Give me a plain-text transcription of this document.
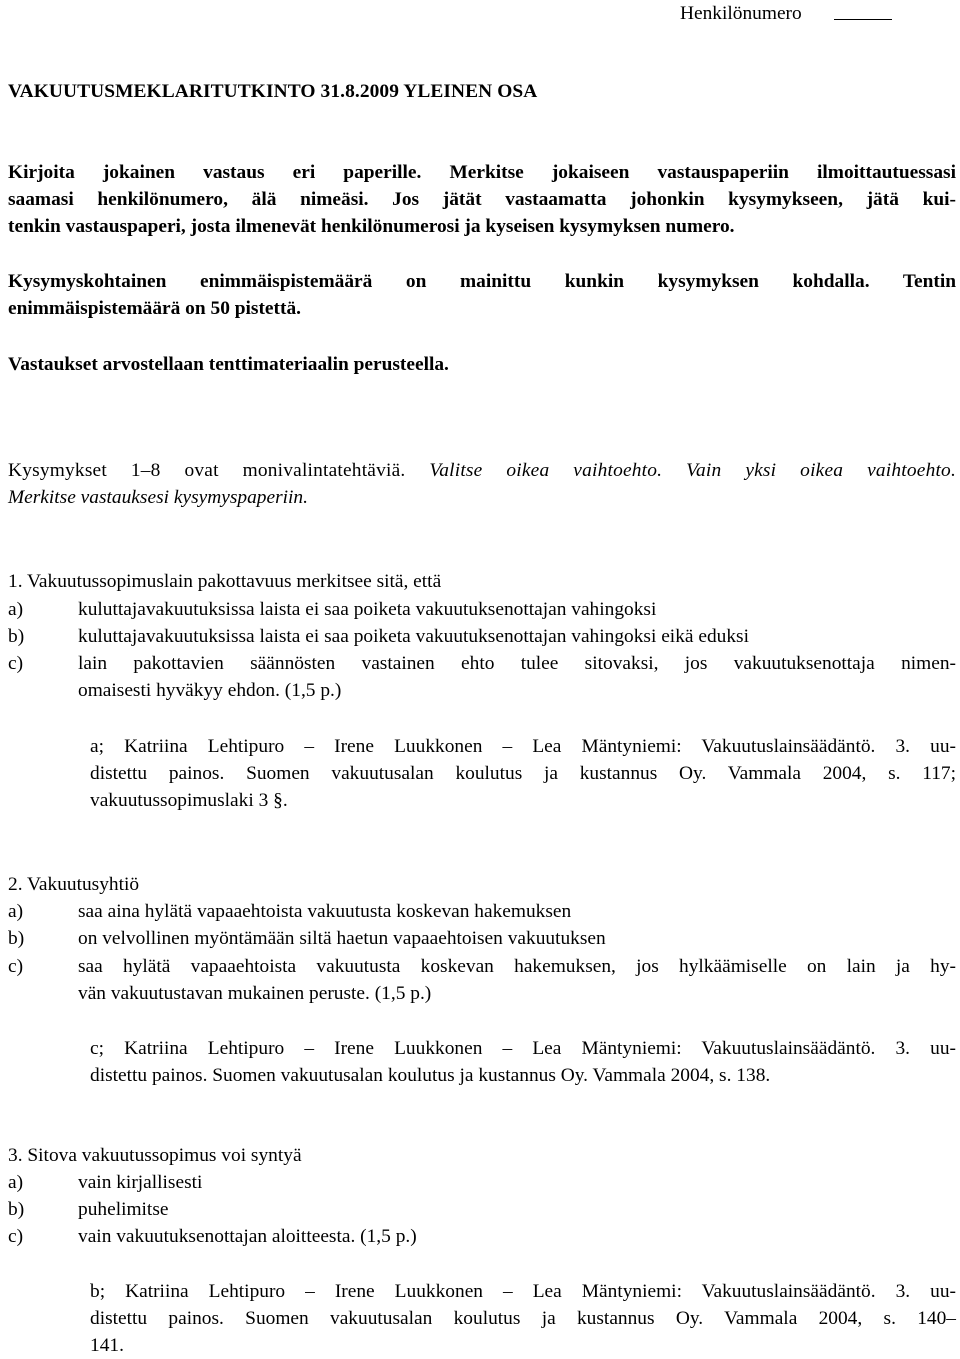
Henkilönumero
VAKUUTUSMEKLARITUTKINTO 31.8.2009 YLEINEN OSA

Kirjoita jokainen vastaus eri paperille. Merkitse jokaiseen vastauspaperiin ilmoittautuessasi

saamasi henkilönumero, älä nimeäsi. Jos jätät vastaamatta johonkin kysymykseen, jätä kui-

tenkin vastauspaperi, josta ilmenevät henkilönumerosi ja kyseisen kysymyksen numero.

Kysymyskohtainen enimmäispistemäärä on mainittu kunkin kysymyksen kohdalla. Tentin

enimmäispistemäärä on 50 pistettä.

Vastaukset arvostellaan tenttimateriaalin perusteella.

Kysymykset 1–8 ovat monivalintatehtäviä. Valitse oikea vaihtoehto. Vain yksi oikea vaihtoehto.
Merkitse vastauksesi kysymyspaperiin.
1. Vakuutussopimuslain pakottavuus merkitsee sitä, että
a)	kuluttajavakuutuksissa laista ei saa poiketa vakuutuksenottajan vahingoksi
b)	kuluttajavakuutuksissa laista ei saa poiketa vakuutuksenottajan vahingoksi eikä eduksi
c)	lain pakottavien säännösten vastainen ehto tulee sitovaksi, jos vakuutuksenottaja nimen-
omaisesti hyväkyy ehdon. (1,5 p.)

a; Katriina Lehtipuro – Irene Luukkonen – Lea Mäntyniemi: Vakuutuslainsäädäntö. 3. uu-

distettu painos. Suomen vakuutusalan koulutus ja kustannus Oy. Vammala 2004, s. 117;

vakuutussopimuslaki 3 §.

2. Vakuutusyhtiö
a)	saa aina hylätä vapaaehtoista vakuutusta koskevan hakemuksen
b)	on velvollinen myöntämään siltä haetun vapaaehtoisen vakuutuksen
c)	saa hylätä vapaaehtoista vakuutusta koskevan hakemuksen, jos hylkäämiselle on lain ja hy-
vän vakuutustavan mukainen peruste. (1,5 p.)

c; Katriina Lehtipuro – Irene Luukkonen – Lea Mäntyniemi: Vakuutuslainsäädäntö. 3. uu-

distettu painos. Suomen vakuutusalan koulutus ja kustannus Oy. Vammala 2004, s. 138.

3. Sitova vakuutussopimus voi syntyä
a)	vain kirjallisesti
b)	puhelimitse
c)	vain vakuutuksenottajan aloitteesta. (1,5 p.)

b; Katriina Lehtipuro – Irene Luukkonen – Lea Mäntyniemi: Vakuutuslainsäädäntö. 3. uu-

distettu painos. Suomen vakuutusalan koulutus ja kustannus Oy. Vammala 2004, s. 140–

141.
